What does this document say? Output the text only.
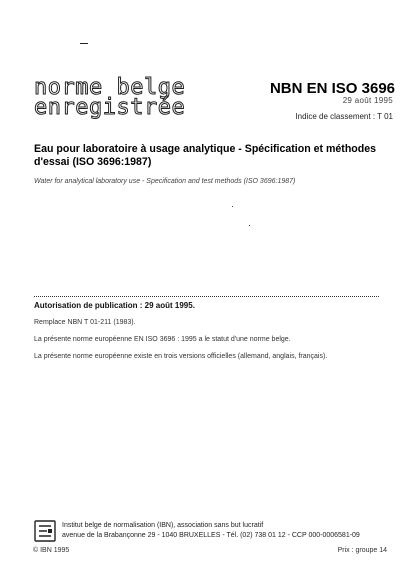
norme belge
enregistrée
NBN EN ISO 3696
29 août 1995
Indice de classement : T 01
Eau pour laboratoire à usage analytique - Spécification et méthodes d'essai (ISO 3696:1987)
Water for analytical laboratory use - Specification and test methods (ISO 3696:1987)
Autorisation de publication : 29 août 1995.
Remplace NBN T 01-211 (1983).
La présente norme européenne EN ISO 3696 : 1995 a le statut d'une norme belge.
La présente norme européenne existe en trois versions officielles (allemand, anglais, français).
Institut belge de normalisation (IBN), association sans but lucratif
avenue de la Brabançonne 29 - 1040 BRUXELLES - Tél. (02) 738 01 12 - CCP 000-0006581-09
© IBN 1995	Prix : groupe 14
